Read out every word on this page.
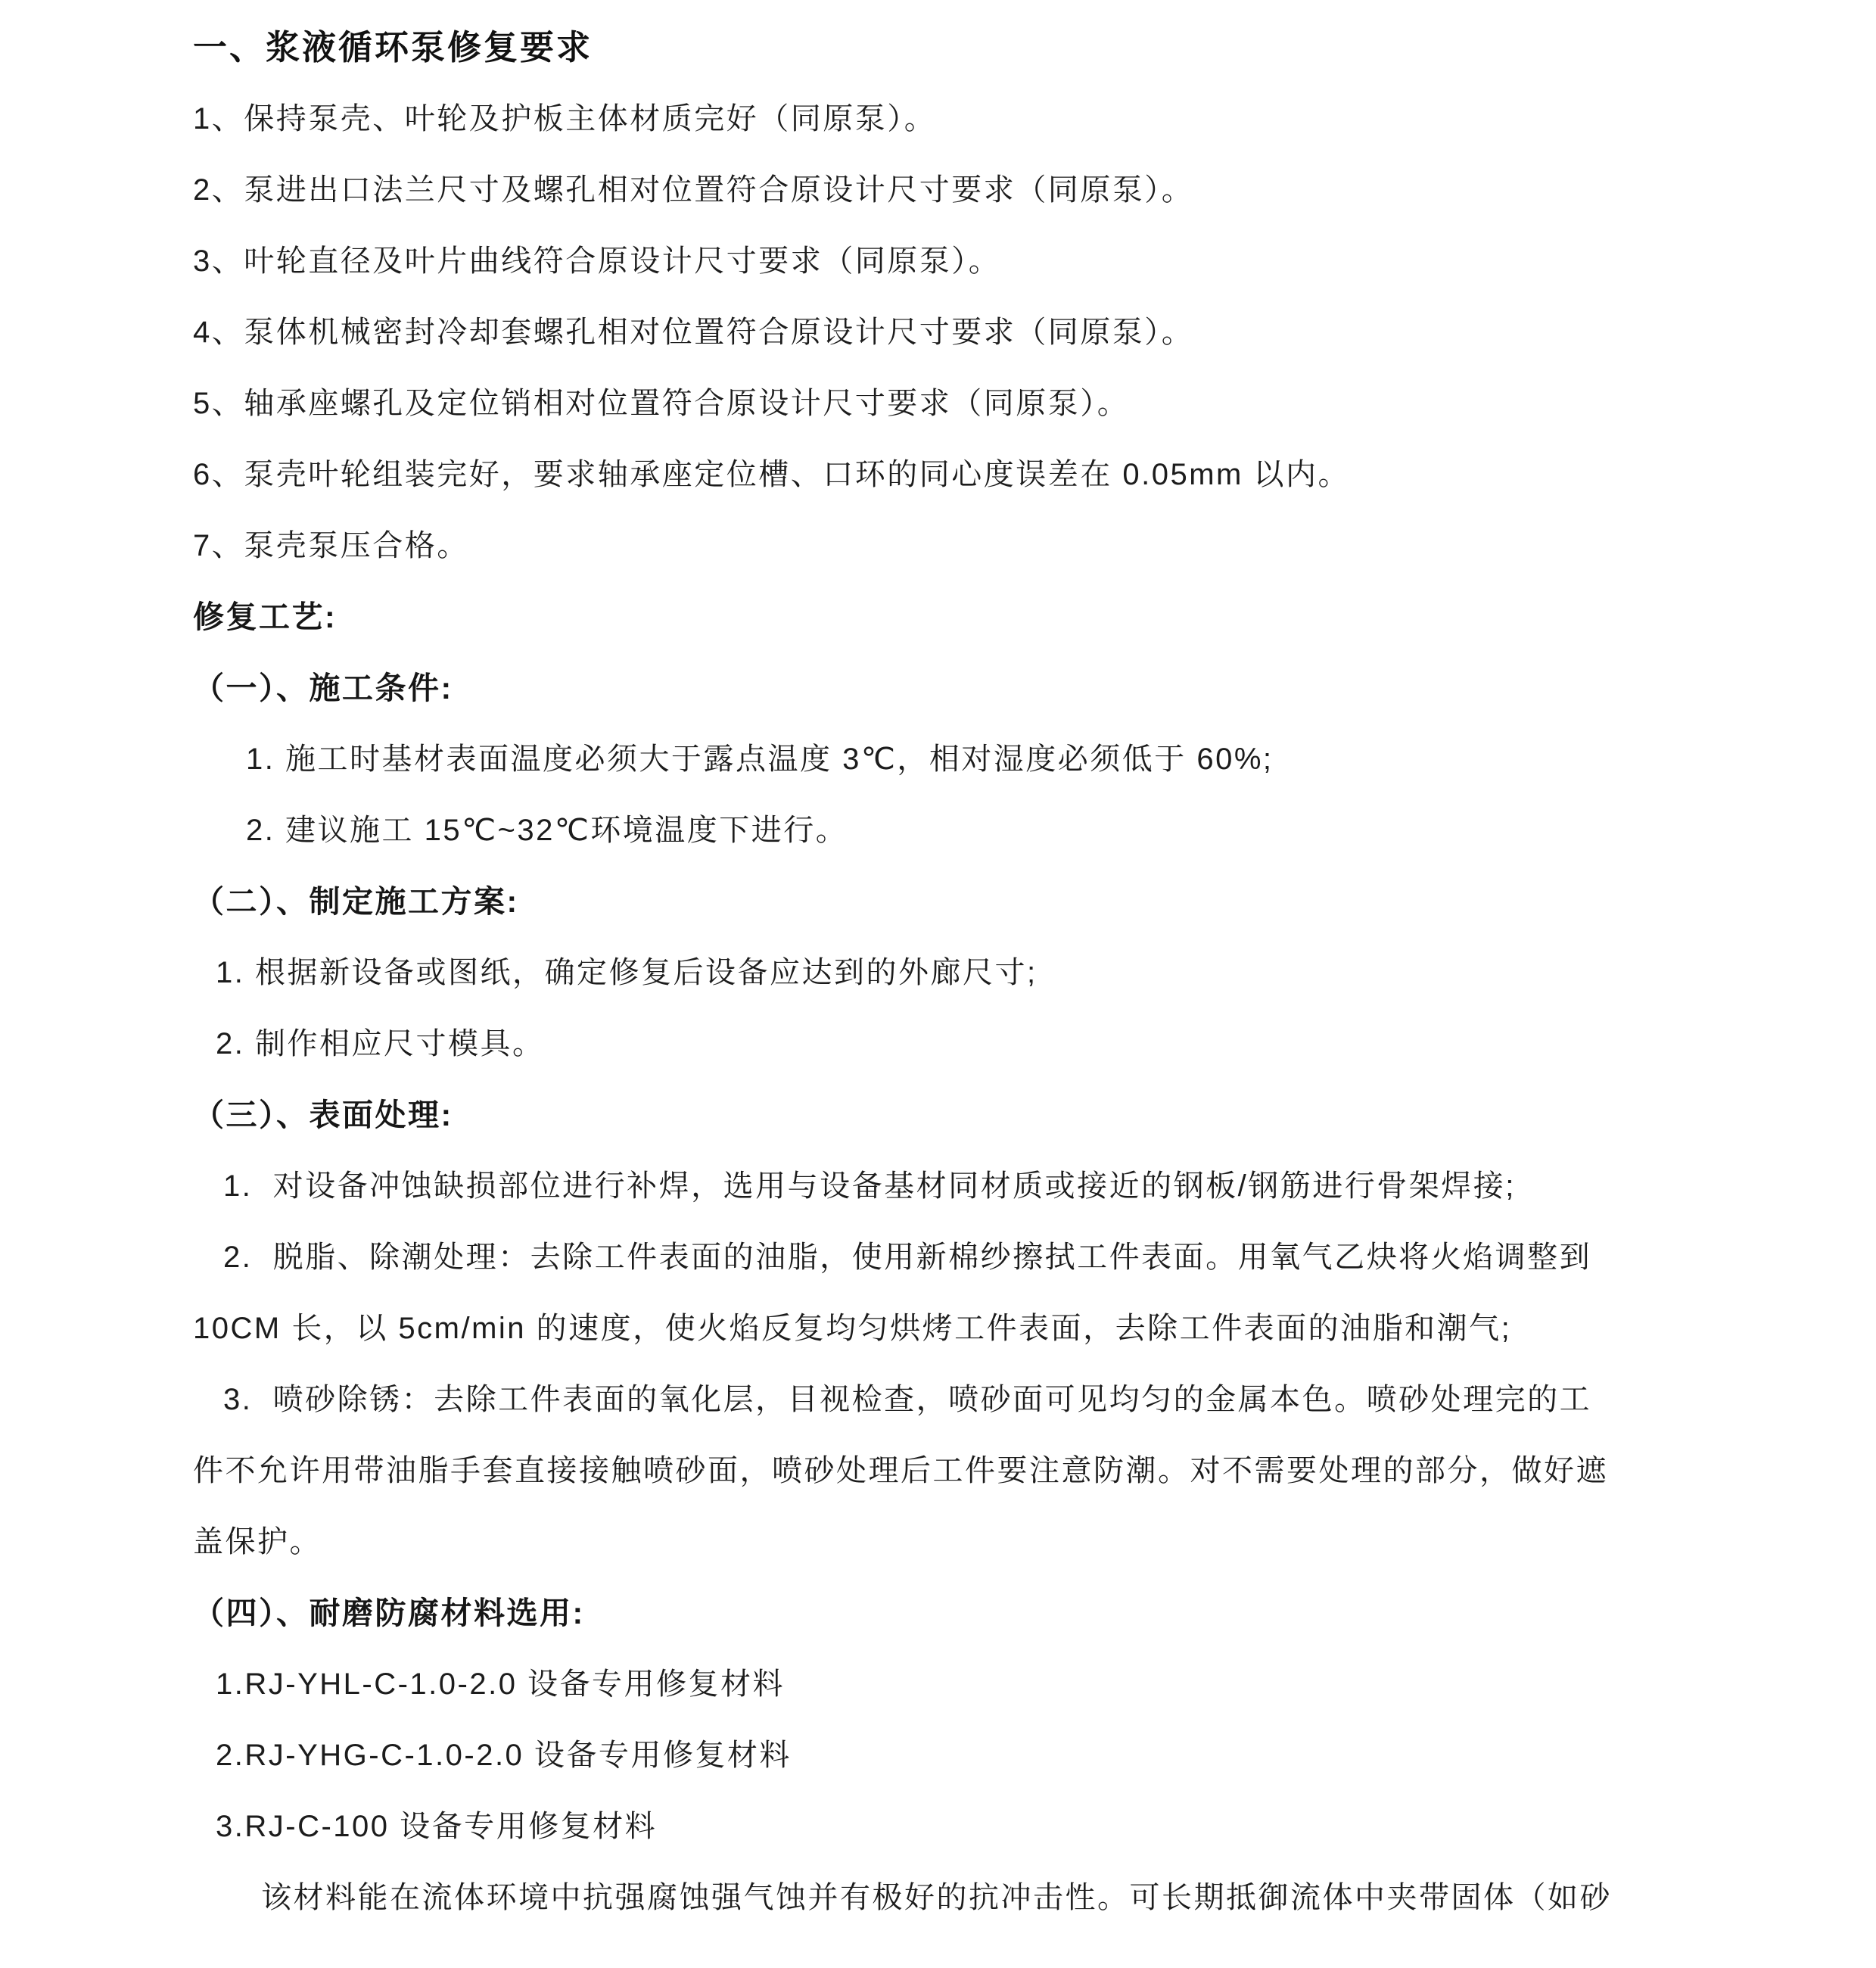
一、浆液循环泵修复要求

1、保持泵壳、叶轮及护板主体材质完好（同原泵）。

2、泵进出口法兰尺寸及螺孔相对位置符合原设计尺寸要求（同原泵）。

3、叶轮直径及叶片曲线符合原设计尺寸要求（同原泵）。

4、泵体机械密封冷却套螺孔相对位置符合原设计尺寸要求（同原泵）。

5、轴承座螺孔及定位销相对位置符合原设计尺寸要求（同原泵）。

6、泵壳叶轮组装完好，要求轴承座定位槽、口环的同心度误差在 0.05mm 以内。

7、泵壳泵压合格。

修复工艺:

（一）、施工条件:

1. 施工时基材表面温度必须大于露点温度 3℃，相对湿度必须低于 60%;

2. 建议施工 15℃~32℃环境温度下进行。

（二）、制定施工方案:

1. 根据新设备或图纸，确定修复后设备应达到的外廊尺寸;

2. 制作相应尺寸模具。

（三）、表面处理:

1.  对设备冲蚀缺损部位进行补焊，选用与设备基材同材质或接近的钢板/钢筋进行骨架焊接;

2.  脱脂、除潮处理：去除工件表面的油脂，使用新棉纱擦拭工件表面。用氧气乙炔将火焰调整到

10CM 长，以 5cm/min 的速度，使火焰反复均匀烘烤工件表面，去除工件表面的油脂和潮气;

3.  喷砂除锈：去除工件表面的氧化层，目视检查，喷砂面可见均匀的金属本色。喷砂处理完的工

件不允许用带油脂手套直接接触喷砂面，喷砂处理后工件要注意防潮。对不需要处理的部分，做好遮

盖保护。

（四）、耐磨防腐材料选用:

1.RJ-YHL-C-1.0-2.0 设备专用修复材料

2.RJ-YHG-C-1.0-2.0 设备专用修复材料

3.RJ-C-100 设备专用修复材料

该材料能在流体环境中抗强腐蚀强气蚀并有极好的抗冲击性。可长期抵御流体中夹带固体（如砂
